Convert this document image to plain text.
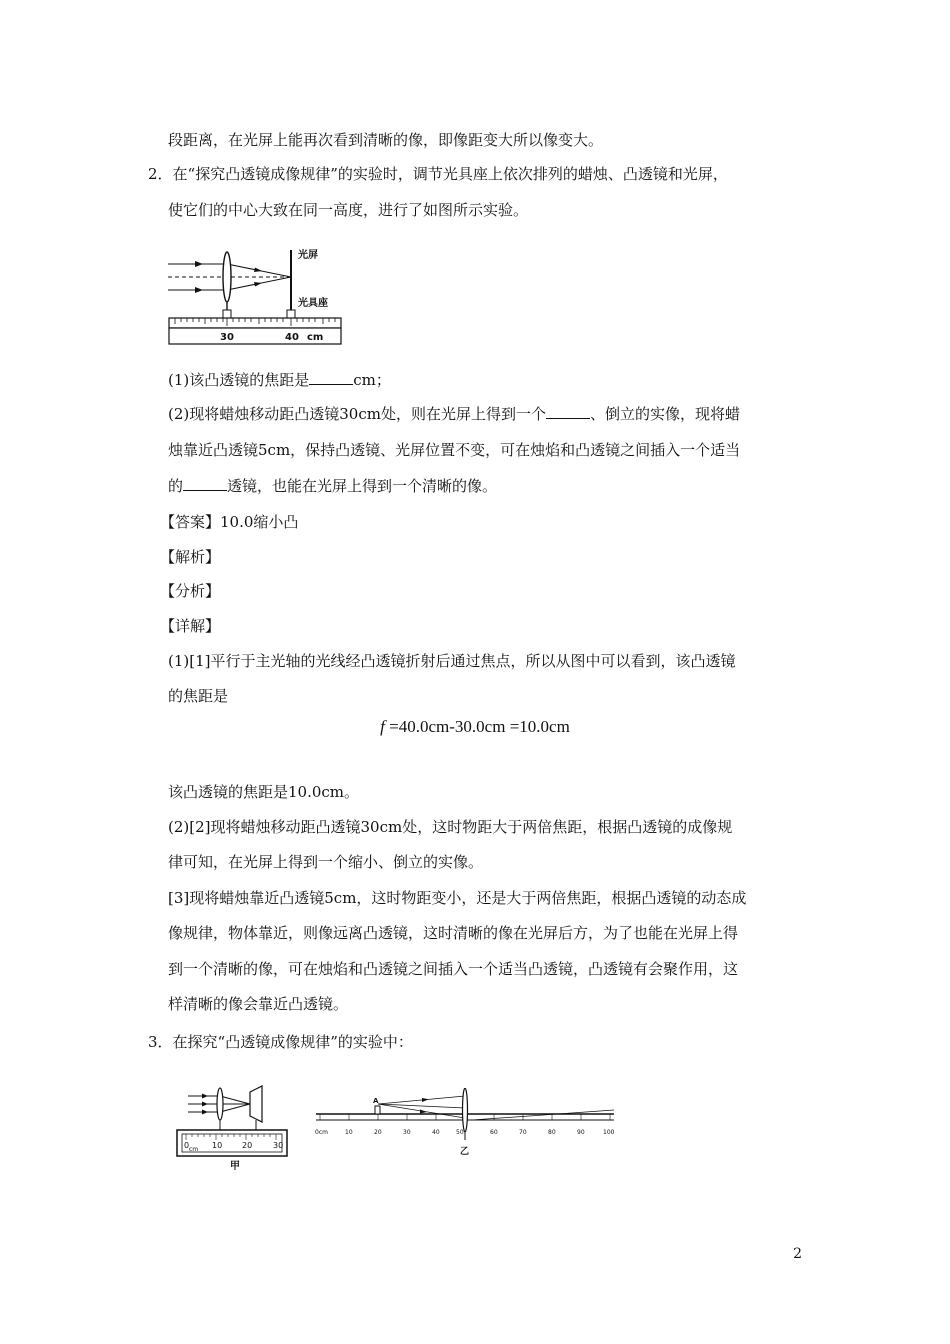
段距离，在光屏上能再次看到清晰的像，即像距变大所以像变大。
2．在“探究凸透镜成像规律”的实验时，调节光具座上依次排列的蜡烛、凸透镜和光屏，
使它们的中心大致在同一高度，进行了如图所示实验。
光屏
光具座
30	40 cm
(1)该凸透镜的焦距是	cm；
(2)现将蜡烛移动距凸透镜30cm处，则在光屏上得到一个	、倒立的实像，现将蜡
烛靠近凸透镜5cm，保持凸透镜、光屏位置不变，可在烛焰和凸透镜之间插入一个适当
的	透镜，也能在光屏上得到一个清晰的像。
【答案】10.0缩小凸
【解析】
【分析】
【详解】
(1)[1]平行于主光轴的光线经凸透镜折射后通过焦点，所以从图中可以看到，该凸透镜
的焦距是
f =40.0cm-30.0cm =10.0cm
该凸透镜的焦距是10.0cm。
(2)[2]现将蜡烛移动距凸透镜30cm处，这时物距大于两倍焦距，根据凸透镜的成像规
律可知，在光屏上得到一个缩小、倒立的实像。
[3]现将蜡烛靠近凸透镜5cm，这时物距变小，还是大于两倍焦距，根据凸透镜的动态成
像规律，物体靠近，则像远离凸透镜，这时清晰的像在光屏后方，为了也能在光屏上得
到一个清晰的像，可在烛焰和凸透镜之间插入一个适当凸透镜，凸透镜有会聚作用，这
样清晰的像会靠近凸透镜。
3．在探究“凸透镜成像规律”的实验中：
0 cm 10 20	30
甲
A
0cm	10	20	30	40	50	60	70	80	90	100
乙
2
